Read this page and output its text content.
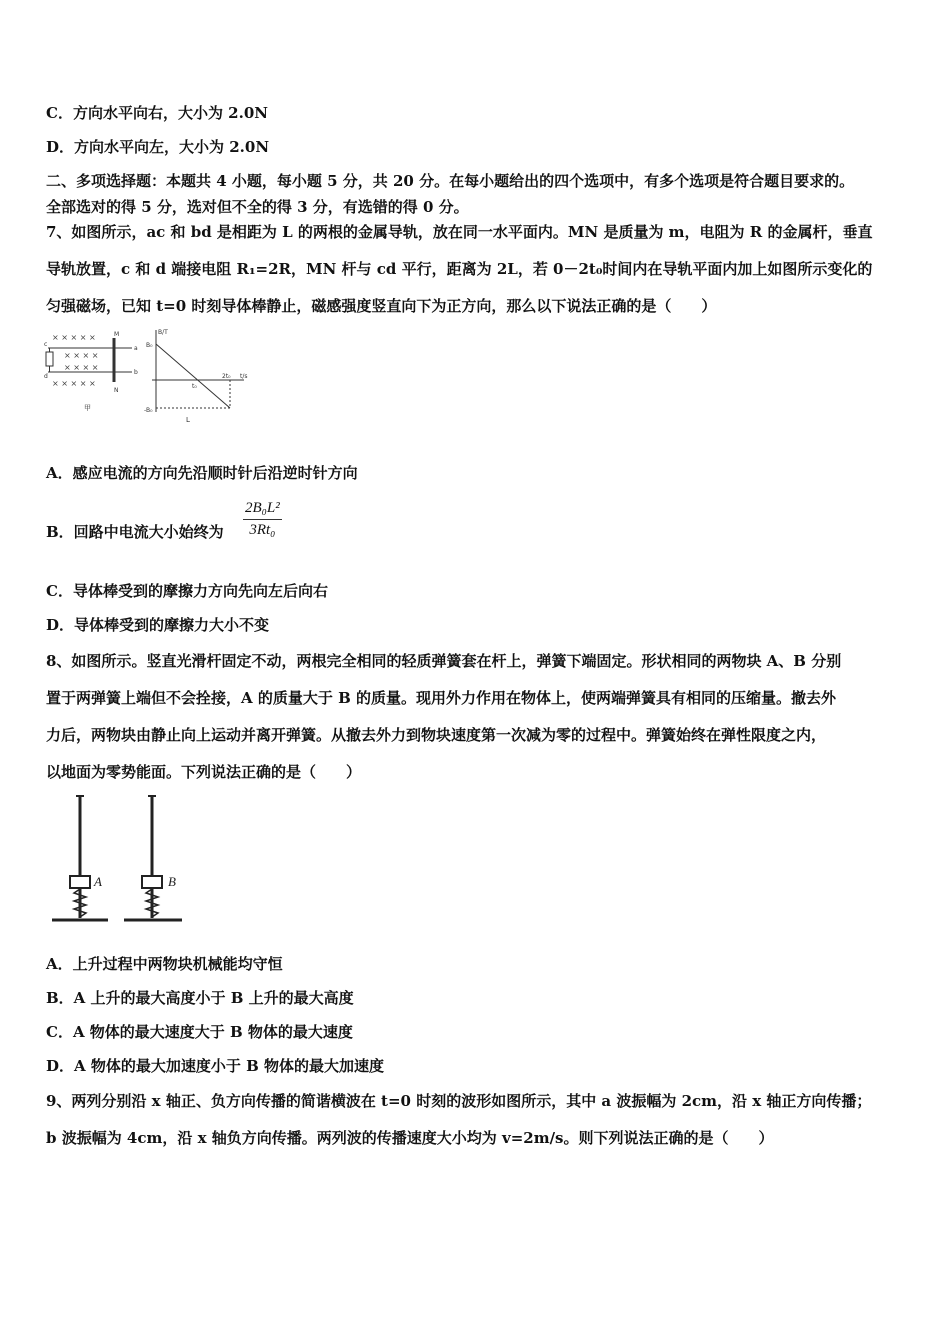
C．方向水平向右，大小为 2.0N
D．方向水平向左，大小为 2.0N
二、多项选择题：本题共 4 小题，每小题 5 分，共 20 分。在每小题给出的四个选项中，有多个选项是符合题目要求的。
全部选对的得 5 分，选对但不全的得 3 分，有选错的得 0 分。
7、如图所示，ac 和 bd 是相距为 L 的两根的金属导轨，放在同一水平面内。MN 是质量为 m，电阻为 R 的金属杆，垂直
导轨放置，c 和 d 端接电阻 R₁=2R，MN 杆与 cd 平行，距离为 2L，若 0－2t₀时间内在导轨平面内加上如图所示变化的
匀强磁场，已知 t=0 时刻导体棒静止，磁感强度竖直向下为正方向，那么以下说法正确的是（　　）
× × × × ×
× × × ×
× × × ×
× × × × ×
M
N
a
b
c
d
甲
B/T
B₀
-B₀
t₀
2t₀ t/s
L
A．感应电流的方向先沿顺时针后沿逆时针方向
B．回路中电流大小始终为
2B₀L²
3Rt₀
C．导体棒受到的摩擦力方向先向左后向右
D．导体棒受到的摩擦力大小不变
8、如图所示。竖直光滑杆固定不动，两根完全相同的轻质弹簧套在杆上，弹簧下端固定。形状相同的两物块 A、B 分别
置于两弹簧上端但不会拴接，A 的质量大于 B 的质量。现用外力作用在物体上，使两端弹簧具有相同的压缩量。撤去外
力后，两物块由静止向上运动并离开弹簧。从撤去外力到物块速度第一次减为零的过程中。弹簧始终在弹性限度之内，
以地面为零势能面。下列说法正确的是（　　）
A	B
A．上升过程中两物块机械能均守恒
B．A 上升的最大高度小于 B 上升的最大高度
C．A 物体的最大速度大于 B 物体的最大速度
D．A 物体的最大加速度小于 B 物体的最大加速度
9、两列分别沿 x 轴正、负方向传播的简谐横波在 t=0 时刻的波形如图所示，其中 a 波振幅为 2cm，沿 x 轴正方向传播；
b 波振幅为 4cm，沿 x 轴负方向传播。两列波的传播速度大小均为 v=2m/s。则下列说法正确的是（　　）
